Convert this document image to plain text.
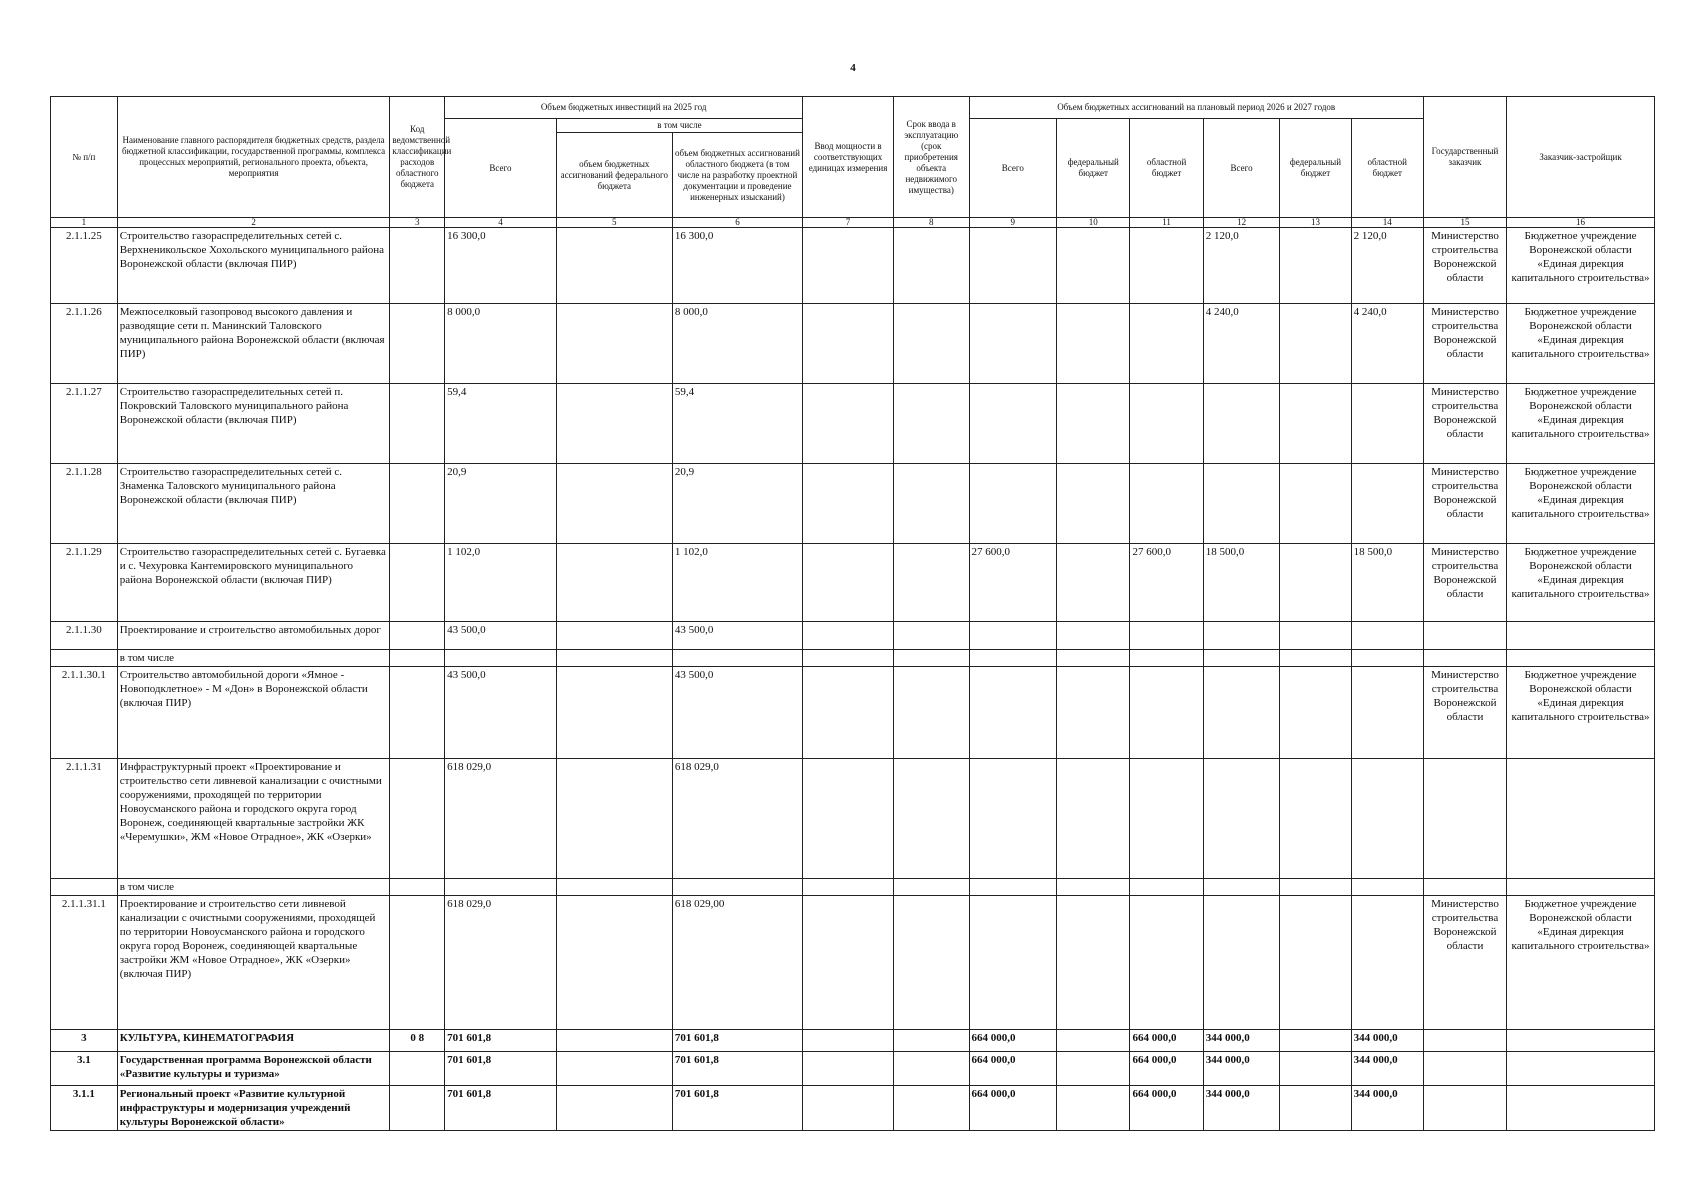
4
№ п/п	Наименование главного распорядителя бюджетных средств, раздела бюджетной классификации, государственной программы, комплекса процессных мероприятий, регионального проекта, объекта, мероприятия	Код ведомственной классификации расходов областного бюджета	Объем бюджетных инвестиций на 2025 год			Ввод мощности в соответствующих единицах измерения	Срок ввода в эксплуатацию (срок приобретения объекта недвижимого имущества)	Объем бюджетных ассигнований на плановый период 2026 и 2027 годов						Государственный заказчик	Заказчик-застройщик
			Всего	в том числе				Всего	федеральный бюджет	областной бюджет	Всего	федеральный бюджет	областной бюджет		
				объем бюджетных ассигнований федерального бюджета	объем бюджетных ассигнований областного бюджета (в том числе на разработку проектной документации и проведение инженерных изысканий)										
1	2	3	4	5	6	7	8	9	10	11	12	13	14	15	16
2.1.1.25	Строительство газораспределительных сетей с. Верхненикольское Хохольского муниципального района Воронежской области (включая ПИР)		16 300,0		16 300,0						2 120,0		2 120,0	Министерство строительства Воронежской области	Бюджетное учреждение Воронежской области «Единая дирекция капитального строительства»
2.1.1.26	Межпоселковый газопровод высокого давления и разводящие сети п. Манинский Таловского муниципального района Воронежской области (включая ПИР)		8 000,0		8 000,0						4 240,0		4 240,0	Министерство строительства Воронежской области	Бюджетное учреждение Воронежской области «Единая дирекция капитального строительства»
2.1.1.27	Строительство газораспределительных сетей п. Покровский Таловского муниципального района Воронежской области (включая ПИР)		59,4		59,4									Министерство строительства Воронежской области	Бюджетное учреждение Воронежской области «Единая дирекция капитального строительства»
2.1.1.28	Строительство газораспределительных сетей с. Знаменка Таловского муниципального района Воронежской области (включая ПИР)		20,9		20,9									Министерство строительства Воронежской области	Бюджетное учреждение Воронежской области «Единая дирекция капитального строительства»
2.1.1.29	Строительство газораспределительных сетей с. Бугаевка и с. Чехуровка Кантемировского муниципального района Воронежской области (включая ПИР)		1 102,0		1 102,0			27 600,0		27 600,0	18 500,0		18 500,0	Министерство строительства Воронежской области	Бюджетное учреждение Воронежской области «Единая дирекция капитального строительства»
2.1.1.30	Проектирование и строительство автомобильных дорог		43 500,0		43 500,0										
	в том числе														
2.1.1.30.1	Строительство автомобильной дороги «Ямное - Новоподклетное» - М «Дон» в Воронежской области (включая ПИР)		43 500,0		43 500,0									Министерство строительства Воронежской области	Бюджетное учреждение Воронежской области «Единая дирекция капитального строительства»
2.1.1.31	Инфраструктурный проект «Проектирование и строительство сети ливневой канализации с очистными сооружениями, проходящей по территории Новоусманского района и городского округа город Воронеж, соединяющей квартальные застройки ЖК «Черемушки», ЖМ «Новое Отрадное», ЖК «Озерки»		618 029,0		618 029,0										
	в том числе														
2.1.1.31.1	Проектирование и строительство сети ливневой канализации с очистными сооружениями, проходящей по территории Новоусманского района и городского округа город Воронеж, соединяющей квартальные застройки ЖМ «Новое Отрадное», ЖК «Озерки» (включая ПИР)		618 029,0		618 029,00									Министерство строительства Воронежской области	Бюджетное учреждение Воронежской области «Единая дирекция капитального строительства»
3	КУЛЬТУРА, КИНЕМАТОГРАФИЯ	0 8	701 601,8		701 601,8			664 000,0		664 000,0	344 000,0		344 000,0		
3.1	Государственная программа Воронежской области «Развитие культуры и туризма»		701 601,8		701 601,8			664 000,0		664 000,0	344 000,0		344 000,0		
3.1.1	Региональный проект «Развитие культурной инфраструктуры и модернизация учреждений культуры Воронежской области»		701 601,8		701 601,8			664 000,0		664 000,0	344 000,0		344 000,0		
